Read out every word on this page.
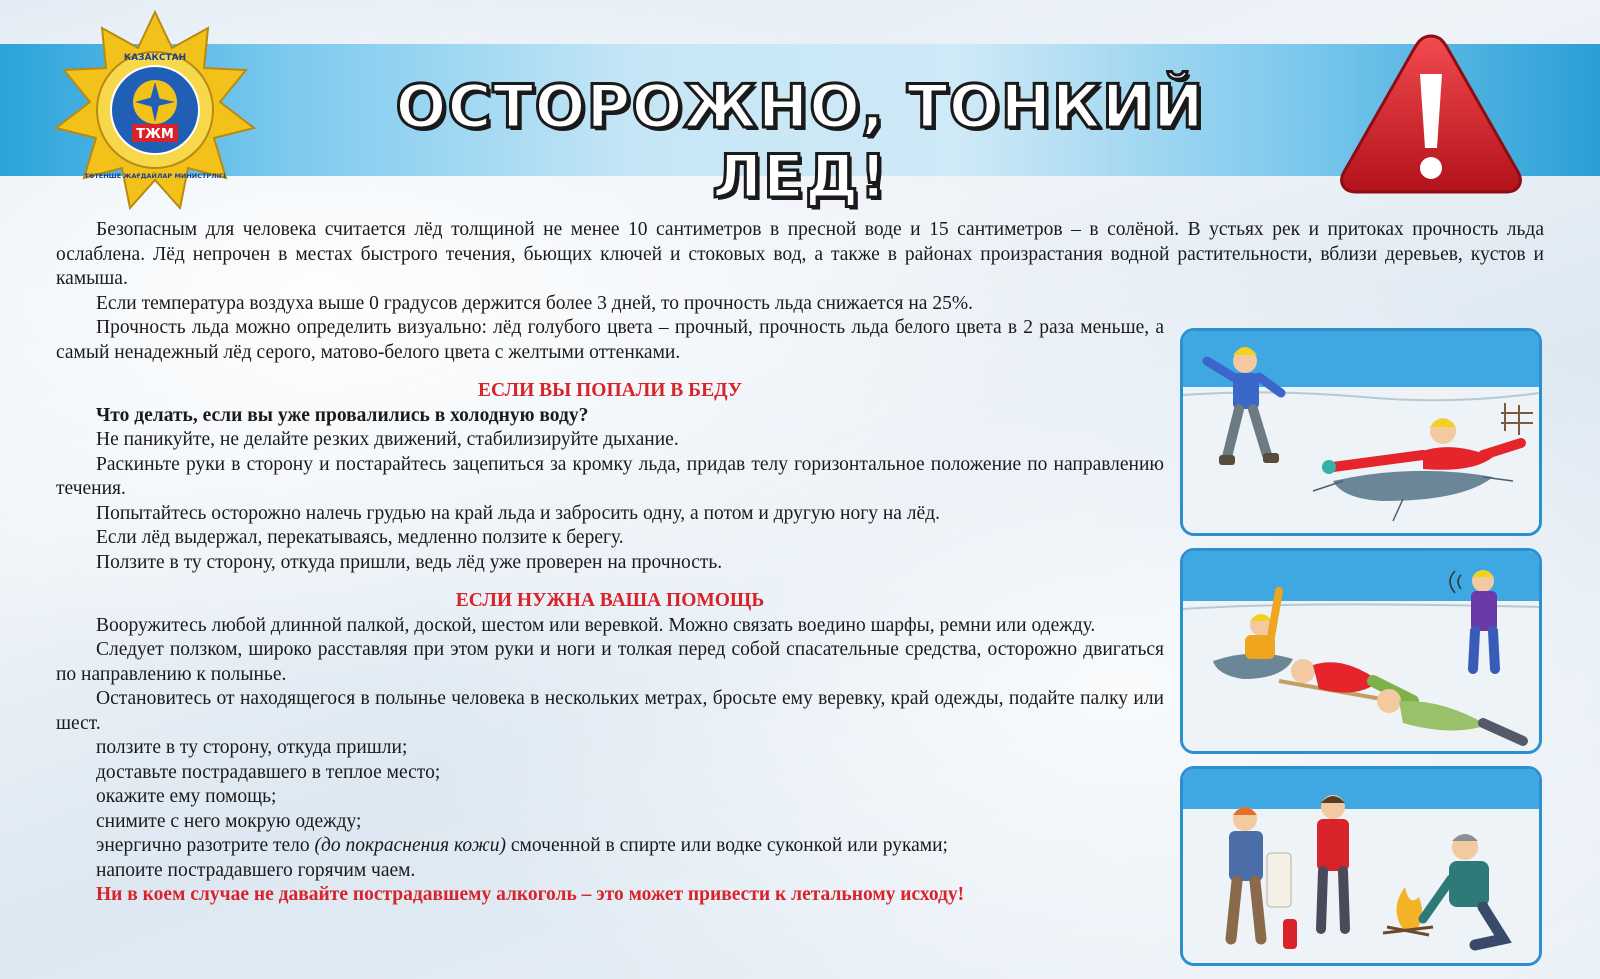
ТЖМ
КАЗАКСТАН
ТӨТЕНШЕ ЖАҒДАЙЛАР МИНИСТРЛІГІ
ОСТОРОЖНО, ТОНКИЙ ЛЕД!

Безопасным для человека считается лёд толщиной не менее 10 сантиметров в пресной воде и 15 сантиметров – в солёной. В устьях рек и притоках прочность льда ослаблена. Лёд непрочен в местах быстрого течения, бьющих ключей и стоковых вод, а также в районах произрастания водной растительности, вблизи деревьев, кустов и камыша.

Если температура воздуха выше 0 градусов держится более 3 дней, то прочность льда снижается на 25%.

Прочность льда можно определить визуально: лёд голубого цвета – прочный, прочность льда белого цвета в 2 раза меньше, а самый ненадежный лёд серого, матово-белого цвета с желтыми оттенками.

ЕСЛИ ВЫ ПОПАЛИ В БЕДУ

Что делать, если вы уже провалились в холодную воду?

Не паникуйте, не делайте резких движений, стабилизируйте дыхание.

Раскиньте руки в сторону и постарайтесь зацепиться за кромку льда, придав телу горизонтальное положение по направлению течения.

Попытайтесь осторожно налечь грудью на край льда и забросить одну, а потом и другую ногу на лёд.

Если лёд выдержал, перекатываясь, медленно ползите к берегу.

Ползите в ту сторону, откуда пришли, ведь лёд уже проверен на прочность.

ЕСЛИ НУЖНА ВАША ПОМОЩЬ

Вооружитесь любой длинной палкой, доской, шестом или веревкой. Можно связать воедино шарфы, ремни или одежду.

Следует ползком, широко расставляя при этом руки и ноги и толкая перед собой спасательные средства, осторожно двигаться по направлению к полынье.

Остановитесь от находящегося в полынье человека в нескольких метрах, бросьте ему веревку, край одежды, подайте палку или шест.

ползите в ту сторону, откуда пришли;

доставьте пострадавшего в теплое место;

окажите ему помощь;

снимите с него мокрую одежду;

энергично разотрите тело (до покраснения кожи) смоченной в спирте или водке суконкой или руками;

напоите пострадавшего горячим чаем.

Ни в коем случае не давайте пострадавшему алкоголь – это может привести к летальному исходу!
